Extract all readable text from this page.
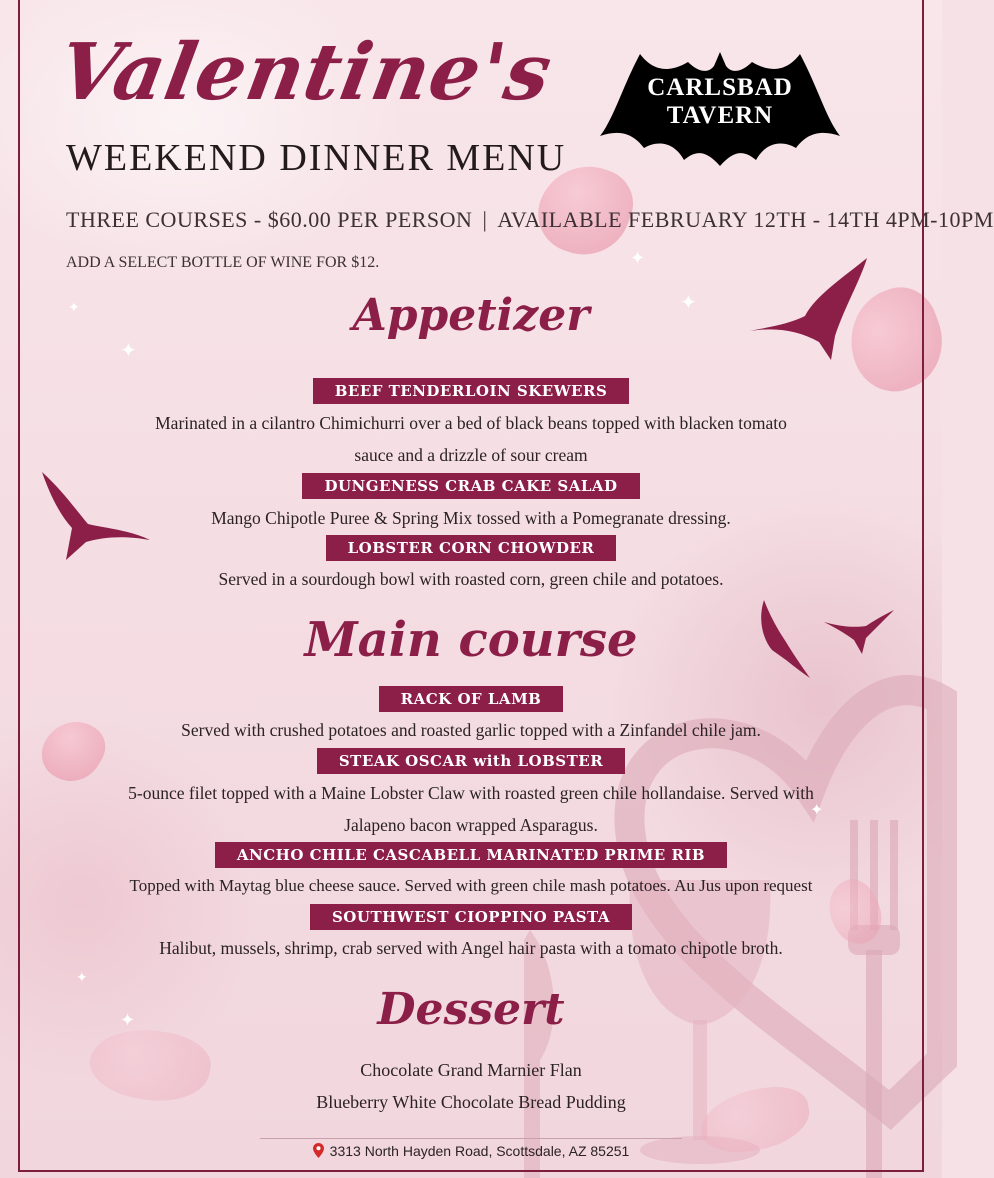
✦
✦
✦
✦
✦
✦
✦
Valentine's
WEEKEND DINNER MENU
THREE COURSES - $60.00 PER PERSON | AVAILABLE FEBRUARY 12TH - 14TH 4PM-10PM
ADD A SELECT BOTTLE OF WINE FOR $12.
CARLSBAD
TAVERN
Appetizer
BEEF TENDERLOIN SKEWERS
Marinated in a cilantro Chimichurri over a bed of black beans topped with blacken tomato sauce and a drizzle of sour cream
DUNGENESS CRAB CAKE SALAD
Mango Chipotle Puree & Spring Mix tossed with a Pomegranate dressing.
LOBSTER CORN CHOWDER
Served in a sourdough bowl with roasted corn, green chile and potatoes.
Main course
RACK OF LAMB
Served with crushed potatoes and roasted garlic topped with a Zinfandel chile jam.
STEAK OSCAR with LOBSTER
5-ounce filet topped with a Maine Lobster Claw with roasted green chile hollandaise. Served with Jalapeno bacon wrapped Asparagus.
ANCHO CHILE CASCABELL MARINATED PRIME RIB
Topped with Maytag blue cheese sauce. Served with green chile mash potatoes. Au Jus upon request
SOUTHWEST CIOPPINO PASTA
Halibut, mussels, shrimp, crab served with Angel hair pasta with a tomato chipotle broth.
Dessert
Chocolate Grand Marnier Flan
Blueberry White Chocolate Bread Pudding
3313 North Hayden Road, Scottsdale, AZ 85251
